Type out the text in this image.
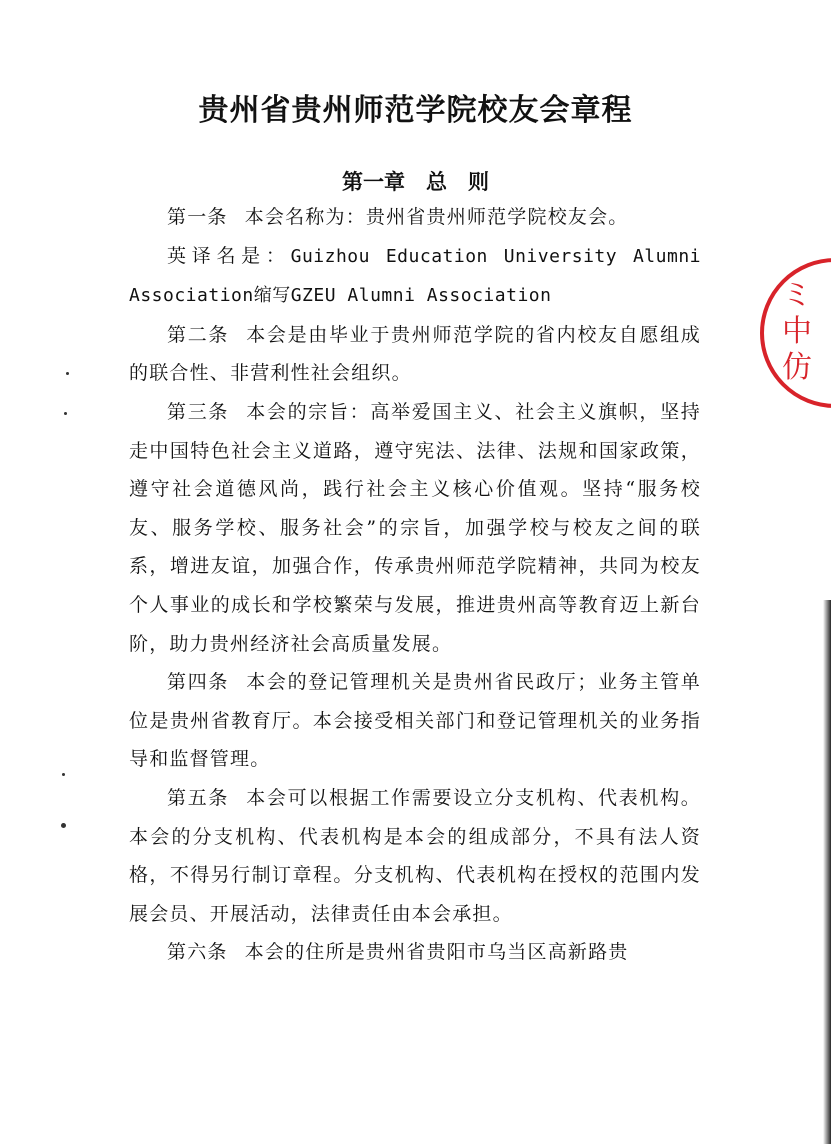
贵州省贵州师范学院校友会章程
第一章　总　则

第一条 本会名称为：贵州省贵州师范学院校友会。

英译名是：Guizhou Education University Alumni Association缩写GZEU Alumni Association

第二条 本会是由毕业于贵州师范学院的省内校友自愿组成的联合性、非营利性社会组织。

第三条 本会的宗旨：高举爱国主义、社会主义旗帜，坚持走中国特色社会主义道路，遵守宪法、法律、法规和国家政策，遵守社会道德风尚，践行社会主义核心价值观。坚持“服务校友、服务学校、服务社会”的宗旨，加强学校与校友之间的联系，增进友谊，加强合作，传承贵州师范学院精神，共同为校友个人事业的成长和学校繁荣与发展，推进贵州高等教育迈上新台阶，助力贵州经济社会高质量发展。

第四条 本会的登记管理机关是贵州省民政厅；业务主管单位是贵州省教育厅。本会接受相关部门和登记管理机关的业务指导和监督管理。

第五条 本会可以根据工作需要设立分支机构、代表机构。本会的分支机构、代表机构是本会的组成部分，不具有法人资格，不得另行制订章程。分支机构、代表机构在授权的范围内发展会员、开展活动，法律责任由本会承担。

第六条 本会的住所是贵州省贵阳市乌当区高新路贵

ミ
中
仿
